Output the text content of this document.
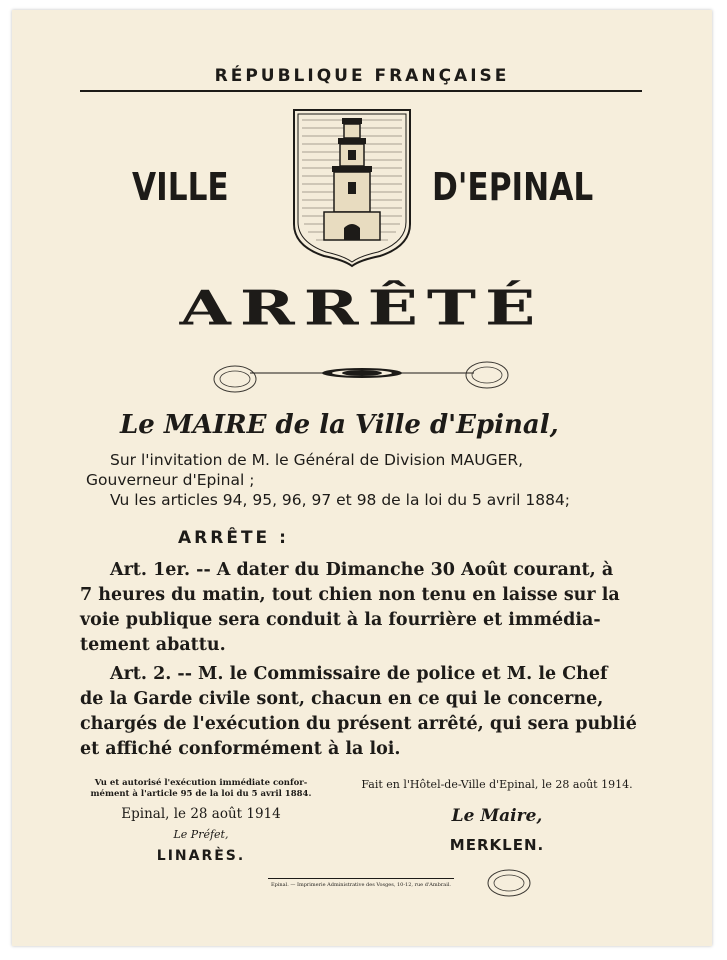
RÉPUBLIQUE FRANÇAISE
VILLE	D'EPINAL
ARRÊTÉ
Le MAIRE de la Ville d'Epinal,
Sur l'invitation de M. le Général de Division MAUGER,
Gouverneur d'Epinal ;
Vu les articles 94, 95, 96, 97 et 98 de la loi du 5 avril 1884;
ARRÊTE :
Art. 1er. -- A dater du Dimanche 30 Août courant, à
7 heures du matin, tout chien non tenu en laisse sur la
voie publique sera conduit à la fourrière et immédia-
tement abattu.
Art. 2. -- M. le Commissaire de police et M. le Chef
de la Garde civile sont, chacun en ce qui le concerne,
chargés de l'exécution du présent arrêté, qui sera publié
et affiché conformément à la loi.
Vu et autorisé l'exécution immédiate confor-
mément à l'article 95 de la loi du 5 avril 1884.
Fait en l'Hôtel-de-Ville d'Epinal, le 28 août 1914.
Epinal, le 28 août 1914
Le Préfet,
LINARÈS.
Le Maire,
MERKLEN.
Epinal. — Imprimerie Administrative des Vosges, 10-12, rue d'Ambrail.
